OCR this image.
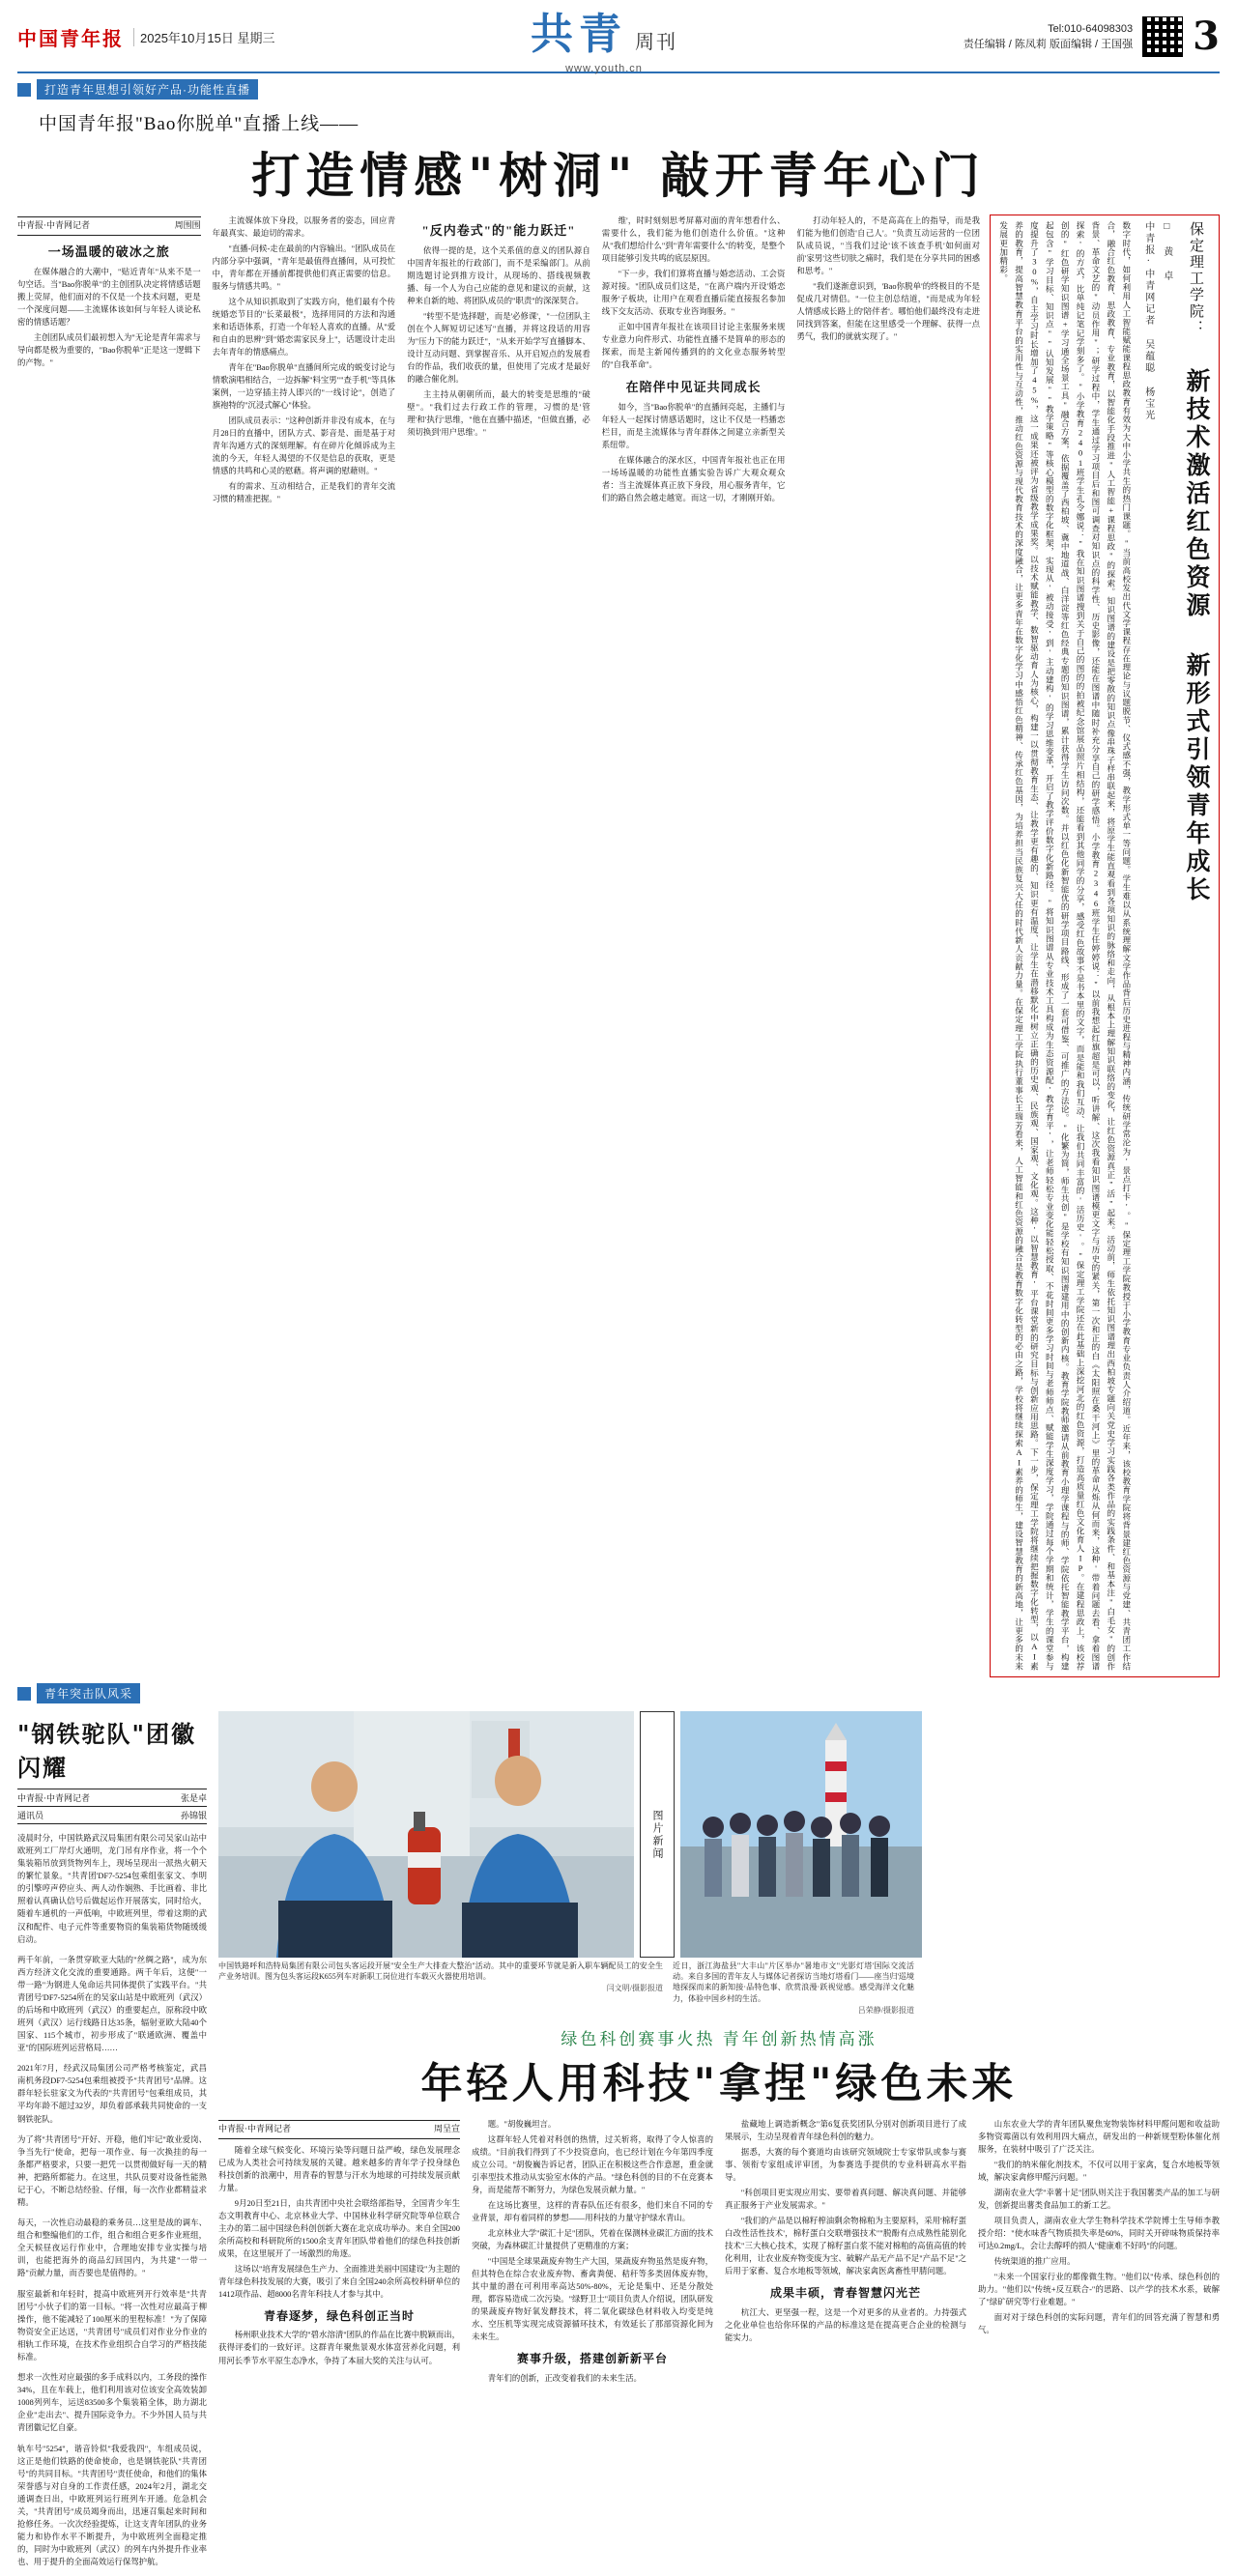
中国青年报	2025年10月15日 星期三	共青 周刊
www.youth.cn
Tel:010-64098303
责任编辑 / 陈凤莉 版面编辑 / 王国强 3
打造青年思想引领好产品·功能性直播
中国青年报"Bao你脱单"直播上线——
打造情感"树洞" 敲开青年心门
中青报·中青网记者	周围围
一场温暖的破冰之旅

在媒体融合的大潮中，"贴近青年"从来不是一句空话。当"Bao你脱单"的主创团队决定将情感话题搬上荧屏，他们面对的不仅是一个技术问题，更是一个深度问题——主流媒体该如何与年轻人谈论私密的情感话题？

主创团队成员们最初想入为"无论是青年需求与导向都是极为重要的，"Bao你脱单"正是这一逻辑下的产物。"

主流媒体放下身段，以服务者的姿态，回应青年最真实、最迫切的需求。

"直播-问候-走在最前的内容输出。"团队成员在内部分享中强调，"青年是最值得直播间，从可投忙中，青年都在开播前都提供他们真正需要的信息。服务与情感共鸣。"

这个从知识抓取到了实践方向，他们最有个传统婚恋节目的"长菜最极"，选择用同的方法和沟通来和话语体系，打造一个年轻人喜欢的直播。从"爱和自由的思辨"到"婚恋需家民身上"，话题设计走出去年青年的情感痛点。

青年在"Bao你脱单"直播间所完成的蜕变讨论与情歌演唱相结合，一边拆解"料宝男""查手机"等具体案例，一边穿插主持人即兴的"一线讨论"，创造了旗袍特的"沉浸式解心"体验。

团队成员表示："这种创新并非没有成本，在与月28日的直播中，团队方式、影音是、面是基于对青年沟通方式的深刻理解。有在碎片化倾诉成为主流的今天，年轻人渴望的不仅是信息的获取，更是情感的共鸣和心灵的慰藉。将声调的慰藉则。"

有的需求、互动相结合，正是我们的青年交流习惯的精准把握。"

"反内卷式"的"能力跃迁"

依得一提的是，这个关系值的意义的团队源自中国青年报社的行政部门，而不是采编部门。从前期选题讨论到推方设计，从现场的、搭线视频教播、每一个人为自己应能的意见和建议的贡献，这种来自新的地、将团队成员的"职责"的深深契合。

"转型不是'选择题'，而是'必修课'，"一位团队主创在个人辉短切记述写"直播，并将这段话的用容为"压力下的能力跃迁"，"从来开始学写直播脚本、设计互动问题、到掌握音乐、从开启短点的发展看台的作品，我们收获的量，但使用了完成才是最好的融合催化剂。

主主持从朝朝所而，最大的转变是思维的"破壁"。"我们过去行政工作的管理，习惯的是'管理'和'执行'思维，"他在直播中描述，"但做直播，必须切换到'用户思维'。"

维'，时时刻刻思考屏幕对面的青年想看什么、需要什么，我们能为他们创造什么价值。"这种从"我们想给什么"到"青年需要什么"的转变，是整个项目能够引发共鸣的底层原因。

"下一步，我们们算将直播与婚恋活动、工会资源对接。"团队成员们这是，"在离户端内开设'婚恋服务'子板块，让用户在观看直播后能直接报名参加线下交友活动、获取专业咨询服务。"

正如中国青年报社在该项目讨论主张服务来规专业意力向件形式、功能性直播不是简单的形态的探索，而是主新闻传播到的的文化业态服务转型的"自我革命"。

在陪伴中见证共同成长

如今，当"Bao你脱单"的直播间亮起，主播们与年轻人一起探讨情感话题时，这让不仅是一档播恋栏目，而是主流媒体与青年群体之间建立亲新型关系纽带。

在媒体融合的深水区，中国青年报社也正在用一场场温暖的功能性直播实验告诉广大观众观众者：当主流媒体真正放下身段，用心服务青年，它们的路自然会越走越宽。而这一切，才刚刚开始。

打动年轻人的，不是高高在上的指导，而是我们能为他们创造'自己人'。"负责互动运营的一位团队成员说，"当我们过论'该不该查手机'如何面对前'家男'这些切肤之痛时，我们是在分享共同的困惑和思考。"

"我们遂渐意识到，'Bao你脱单'的终极目的不是促成几对情侣。"一位主创总结道，"而是成为年轻人情感成长路上的'陪伴者'。哪怕他们最终没有走进同找到答案，但能在这里感受一个理解、获得一点勇气，我们的就就实现了。"

保定理工学院： 新技术激活红色资源 新形式引领青年成长
□ 黄 卓
中青报·中青网记者 吴蕴聪 杨宝光
数字时代，如何利用人工智能赋能课程思政教育有效为大中小学共生的热门课题。"当前高校发出代文学课程存在理论与议题脱节、仪式感不强，教学形式单一等问题。学生难以从系统理解文学作品背后历史进程与精神内涵，传统研学常沦为'景点打卡'。"保定理工学院教授于小学教育专业负责人介绍道。近年来，该校教育学院将背景建红色资源与党建、共青团工作结合，融合红色教育、思政教育、专业教育，以智能化手段推进"人工智能+课程思政"的探索。知识图谱的建设是把零散的知识点像串珠子样串联起来，将原学生能直观看到各项知识的脉络和走向，从根本上理解知识联络的变化，让红色资源真正"活"起来。活动前，师生依托知识图谱理出西柏坡专题向关党史学习实践各类作品的实践条件、和基本注"白毛女"的创作背景、革命文艺的"动员作用"；研学过程中，学生通过学习项目后和图可调查对知识点的科学性、历史影像，还能在图谱中随时补充分享自己的研学感悟。小学教育2346班学生任婷婷说："以前我想起红旗超是可以，听讲解、这次我看知识图谱模更文字与历史的紧关，第一次和正的白《太阳照在桑干河上》里的革命从烁从何而来，这种'带着问题去看、拿着图谱探索'的方式，比单纯记笔记学刻多了。"小学教育2401班学生孔令娜说："我在知识图谱搜到关于自己的图的的拍被纪念馆展品照片相结构，还能看到其他同学的分享，感受红色故事不是书本里的文字，而是能和我们互动、让我们共同丰富的'活历史'。"保定理工学院还在此基础上深挖河北的红色资源，打造高质量红色文化育人IP。在建程思政上，该校荐创的"红色研学知识图谱+学习通全场景工具"融合方案，依据覆盖了西柏坡、冀中地道战、白洋淀等红色经典专题的知识图谱，累计获得学生访问次数。并以红色化新智能优的研学项目路线、形成了一套可借鉴、可推广的方法论。"化繁为简，师生共创"是学校有知识图谱建用中的创新内核。教育学院教师邀请从前教育小理学课程与的师、学院依托智能教学平台，构建起包含"学习目标、知识点""认知发展""教学策略"等核心模型的数字化框架，实现从'被动接受'到'主动建构'的学习思维变革，开启了教学评价数字化新路径。"将知识图谱从专业技术工具构成为生态资源配'教学育平'，让老师轻松专业变化能轻松授取、不花时间更多学习时间与老师师点、赋能学生深度学习，学院通过每个学期和统计，学生的课堂参与度提升了30%，自主学习时长增加了45%，这一成果还被评为省级教学成果奖。以技术赋能教学、数智驱动育人为核心，构建一以贯彻教育生态、让教学更有趣的、知识更有温度、让学生在潜移默化中树立正确的历史观、民族观、国家观、文化观。这种'以智慧教育'平台课堂新的研究目标与创新应用思路。下一步，保定理工学院将继续把握数字化转型，以AI素养的教育，提高智慧教育平台的实用性与互动性，推动红色资源与现代教育技术的深度融合，让更多青年在数字化学习中感悟红色精神、传承红色基因，为培养担当民族复兴大任的时代新人贡献力量。在保定理工学院执行董事长王瑞芳看来，人工智能和红色资源的融合是教育数字化转型的必由之路，学校将继续探索AI素养的师生，建设智慧教育的新高地，让更多的未来发展更加精彩。
青年突击队风采
"钢铁驼队"团徽闪耀
中青报·中青网记者	张是卓
通讯员	孙锦银

凌晨时分，中国铁路武汉局集团有限公司吴家山站中欧班列工厂岸灯火通明，龙门吊有序作业，将一个个集装箱吊放到货物列车上，现场呈现出一派热火朝天的繁忙景象。"共青团'DF7-5254包乘组张家文、李明的引擎哼声停应头、两人动作娴熟、手比画着、非比照着认真确认信号后做起运作开展落实，同时给火，随着车通机的一声低响，中欧班列里，带着这期的武汉和配件、电子元件等重要物资的集装箱货物随缓缓启动。

两千年前，一条贯穿欧亚大陆的"丝绸之路"，成为东西方经济文化交流的重要通路。两千年后，这便"一带一路"为钢进人兔命运共同体提供了实践平台。"共青团号'DF7-5254所在的吴家山站是中欧班列（武汉）的后场和中欧班列（武汉）的重要起点，原称段中欧班列（武汉）运行线路日达35条，辐射亚欧大陆40个国家、115个城市，初步形成了"联通欧洲、覆盖中亚"的国际班列运营格局……

2021年7月，经武汉局集团公司严格考核鉴定，武昌南机务段DF7-5254包乘组被授予"共青团号"品牌。这群年轻长驻家文为代表的"共青团号"包乘组成员，其平均年龄不超过32岁，却负着部承载共同使命的一支钢铁驼队。

为了将"共青团号"开好、开稳，他们牢记"敢业爱岗、争当先行"使命，把每一项作业、每一次换挂的每一条都严格要求，只要一把凭一以贯彻做好每一天的精神，把路所都能力。在这里，共队员要对设备性能熟记于心，不断总结经验、仔细，每一次作业都精益求精。

每天，一次性启动最稳的乘务员…这里是战的调车、组合和整编他们的工作，组合和组合更多作业班组，全天候昼夜运行作业中，合理地安排专业实操与培训，也能把海外的商品幻回国内，为共建"一带一路"贡献力量，而否要也是值得的。"

服室最新和年轻时，提高中欧班列开行效率是"共青团号"小伙子们的第一目标。"将一次性对应最高于柳操作，他不能减轻了100厘米的里程标准！"为了保障物资安全正达送，"共青团号"成员们对作业分作业的相轨工作环境，在技术作业组织合自学习的严格技能标准。

想求一次性对应最强的多手成料以内，工务段的操作34%，且在车载上，他们利用该对位该安全高效装卸1008列列车，运送83500多个集装箱全体，助力湖北企业"走出去"、提升国际竞争力。不少外国人员与共青团徽记忆自豪。

轨车号"5254"，谐音铃似"我爱我四"，车组成员说，这正是他们铁路的使命使命，也是钢铁驼队"共青团号"的共同目标。"共青团号"责任使命，和他们的集体荣誉感与对自身的工作责任感，2024年2月，湖北交通调查日出，中欧班列运行班列车开通。危急机会关，"共青团号"成员竭身而出，迅速召集起来时间和抢修任务。一次次经验提炼，让这支青年团队的业务能力和协作水平不断提升，为中欧班列全面稳定推的，同时为中欧班列（武汉）的列车内外提升作业率也、用于提升的全面高效运行保驾护航。

图片新闻
中国铁路呼和浩特局集团有限公司包头客运段开展"安全生产大排查大整治"活动。其中的重要环节就是新入职车辆配员工的安全生产业务培训。图为包头客运段K655列车对新职工岗位进行车载灭火器使用培训。
闫文明/摄影报道
近日，浙江海盐县"大丰山"片区举办"暑地市文"光影灯塔'国际交流活动。来自多国的青年友人与媒体记者探访当地灯塔看门——座当归'巡境地探探而来的新知接·品特色事、欣赏浪漫·跃视觉感。感受海洋文化魅力，体验中国乡村的生活。
吕荣静/摄影报道
绿色科创赛事火热 青年创新热情高涨
年轻人用科技"拿捏"绿色未来
中青报·中青网记者	周呈宣

随着全球气候变化、环境污染等问题日益严峻，绿色发展理念已成为人类社会可持续发展的关键。越来越多的青年学子投身绿色科技创新的浪潮中，用青春的智慧与汗水为地球的可持续发展贡献力量。

9月20日至21日，由共青团中央社会联络部指导，全国青少年生态文明教育中心、北京林业大学、中国林业科学研究院等单位联合主办的第二届中国绿色科创创新大赛在北京成功举办。来自全国200余所高校和科研院所的1500余支青年团队带着他们的绿色科技创新成果，在这里展开了一场激烈的角逐。

这场以"培育发展绿色生产力、全面推进美丽中国建设"为主题的青年绿色科技发展的大赛，吸引了来自全国240余所高校科研单位的1412项作品、超8000名青年科技人才参与其中。

青春逐梦，绿色科创正当时

杨州职业技术大学的"碧水溶清"团队的作品在比赛中脱颖而出，获得评委们的一致好评。这群青年聚焦景观水体富营养化问题，利用河长季节水平原生态净水，争持了本届大奖的关注与认可。

题。"胡俊巍坦言。

这群年轻人凭着对科创的热情，过关斩将，取得了令人惊喜的成绩。"目前我们得到了不少投资意向，也已经计划在今年第四季度成立公司。"胡俊巍告诉记者，团队正在积极这些合作意愿，重金就引率型技术推动从实验室水体的产品。"绿色科创的目的不在竞赛本身，而是能帮不断努力，为绿色发展贡献力量。"

在这场比赛里，这样的青春队伍还有很多，他们来自不同的专业背景，却有着同样的梦想——用科技的力量守护绿水青山。

北京林业大学"碳汇十足"团队，凭着在保测林业碳汇方面的技术突破，为森林碳汇计量提供了更精准的方案；

"中国是全球果蔬废弃物生产大国，果蔬废弃物虽然是废弃物，但其特色在综合农业废弃物、畜禽粪便、秸秆等多类固体废弃物，其中量的潜在可利用率高达50%-80%，无论是集中、还是分散处理，都容易造成二次污染。"绿野卫士"项目负责人介绍说，团队研发的果蔬废弃物好氧发酵技术，将二氧化碳绿色材料收入均变是纯水、空压机等实现完成资源循环技术，有效延长了那部资源化间为未来生。

赛事升级，搭建创新新平台

青年们的创新，正改变着我们的未来生活。

盐藏地上调造新概念"第6复获奖团队分别对创新项目进行了成果展示，生动呈现着青年绿色科创的魅力。

据悉，大赛的每个赛道均由该研究领域院士专家带队或参与赛事、领衔专家组成评审团，为参赛选手提供的专业科研高水平指导。

"科创项目更实现应用实、要带着真问题、解决真问题、并能够真正服务于产业发展需求。"

"我们的产品是以棉籽榨油剩余物棉粕为主要原料，采用'棉籽蛋白改性活性技术'，棉籽蛋白交联增强技术""脱酚有点成熟性能别化技术"三大核心技术，实现了棉籽蛋白浆不能对棉粕的高值高值的转化利用，让农业废弃物变废为宝、破解产品无产品不足"产品不足"之后用于家畜、复合水地板等领域，解决家禽医禽畜性甲腈问题。

成果丰硕，青春智慧闪光芒

杭江大、更坚强一程，这是一个对更多的从业者的。力持强式之化业单位也给你环保的产品的标准这是在提高更合企业的检测与能实力。

山东农业大学的青年团队聚焦宠物装饰材料甲醛问题和收益助多物资霉菌以有效利用四大痛点，研发出的一种新规型粉体催化剂服务，在装材中吸引了广泛关注。

"我们的纳米催化剂技术，不仅可以用于家禽，复合水地板等领域，解决家禽修甲醛污问题。"

湖南农业大学"幸薯十足"团队则关注于我国薯类产品的加工与研发，创新提出薯类食品加工的新工艺。

项目负责人，湖南农业大学生物科学技术学院博士生导师李教授介绍："使水味香气物质损失率是60%，同时关开碎味物质保持率可达0.2mg/L，会让去醇呼的损人"健康难不好吗"的问题。

传统渠道的推广应用。

"未来一个国家行业的都像微生物。"他们以"传承、绿色科创的助力。"他们以"传统+反互联合-"的思路、以产学的技术水系，破解了"绿矿研究等'行业难题。"

面对对于绿色科创的实际问题，青年们的回答充满了智慧和勇气。
